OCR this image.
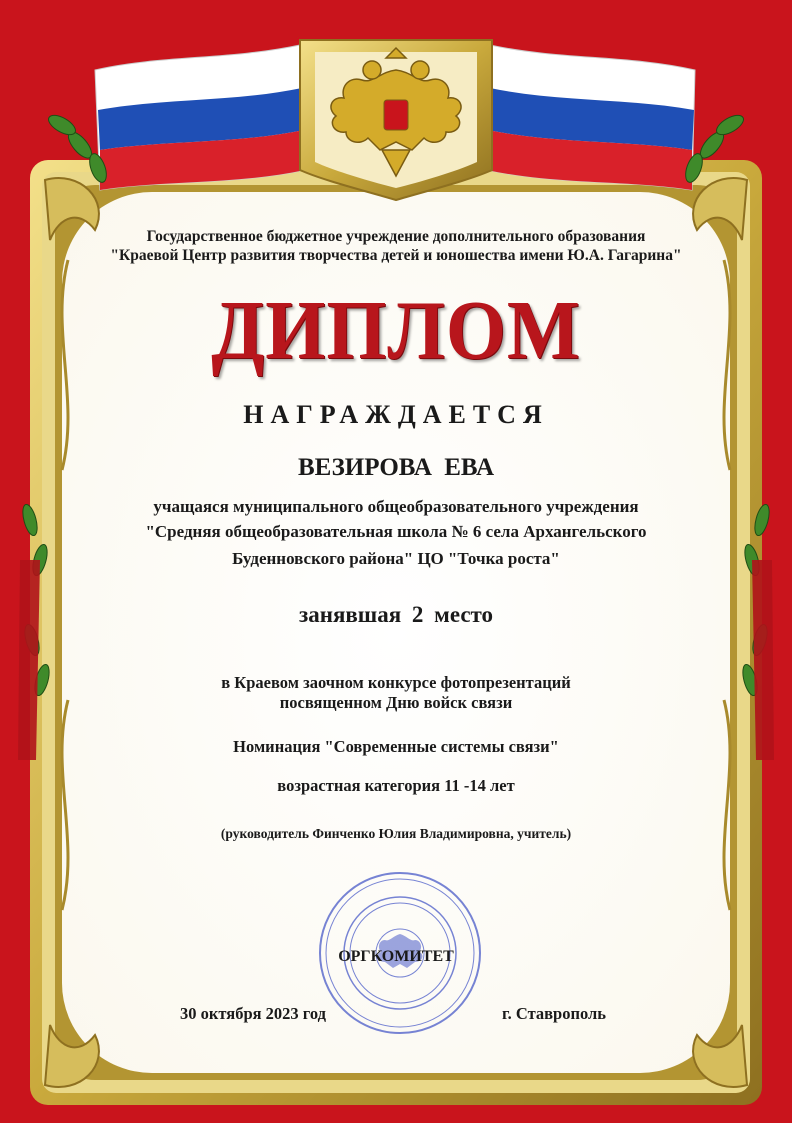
Государственное бюджетное учреждение дополнительного образования
"Краевой Центр развития творчества детей и юношества имени Ю.А. Гагарина"
ДИПЛОМ
НАГРАЖДАЕТСЯ
ВЕЗИРОВА ЕВА
учащаяся муниципального общеобразовательного учреждения
"Средняя общеобразовательная школа № 6 села Архангельского
Буденновского района" ЦО "Точка роста"
занявшая 2 место
в Краевом заочном конкурсе фотопрезентаций
посвященном Дню войск связи
Номинация "Современные системы связи"
возрастная категория 11 -14 лет
(руководитель Финченко Юлия Владимировна, учитель)
ОРГКОМИТЕТ
30 октября 2023 год	г. Ставрополь
